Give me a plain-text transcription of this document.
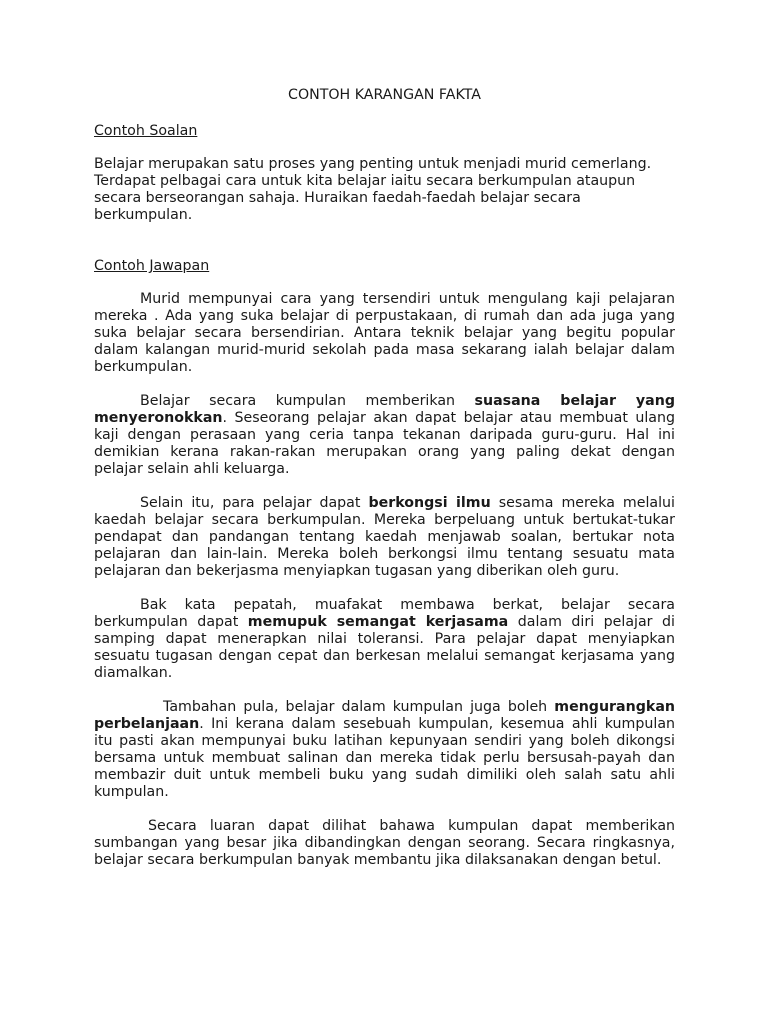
CONTOH KARANGAN FAKTA
Contoh Soalan

Belajar merupakan satu proses yang penting untuk menjadi murid cemerlang.

Terdapat pelbagai cara untuk kita belajar iaitu secara berkumpulan ataupun secara berseorangan sahaja. Huraikan faedah-faedah belajar secara berkumpulan.

Contoh Jawapan

Murid mempunyai cara yang tersendiri untuk mengulang kaji pelajaran mereka . Ada yang suka belajar di perpustakaan, di rumah dan ada juga yang suka belajar secara bersendirian. Antara teknik belajar yang begitu popular dalam kalangan murid-murid sekolah pada masa sekarang ialah belajar dalam berkumpulan.

Belajar secara kumpulan memberikan suasana belajar yang menyeronokkan. Seseorang pelajar akan dapat belajar atau membuat ulang kaji dengan perasaan yang ceria tanpa tekanan daripada guru-guru. Hal ini demikian kerana rakan-rakan merupakan orang yang paling dekat dengan pelajar selain ahli keluarga.

Selain itu, para pelajar dapat berkongsi ilmu sesama mereka melalui kaedah belajar secara berkumpulan. Mereka berpeluang untuk bertukat-tukar pendapat dan pandangan tentang kaedah menjawab soalan, bertukar nota pelajaran dan lain-lain. Mereka boleh berkongsi ilmu tentang sesuatu mata pelajaran dan bekerjasma menyiapkan tugasan yang diberikan oleh guru.

Bak kata pepatah, muafakat membawa berkat, belajar secara berkumpulan dapat memupuk semangat kerjasama dalam diri pelajar di samping dapat menerapkan nilai toleransi. Para pelajar dapat menyiapkan sesuatu tugasan dengan cepat dan berkesan melalui semangat kerjasama yang diamalkan.

Tambahan pula, belajar dalam kumpulan juga boleh mengurangkan perbelanjaan. Ini kerana dalam sesebuah kumpulan, kesemua ahli kumpulan itu pasti akan mempunyai buku latihan kepunyaan sendiri yang boleh dikongsi bersama untuk membuat salinan dan mereka tidak perlu bersusah-payah dan membazir duit untuk membeli buku yang sudah dimiliki oleh salah satu ahli kumpulan.

Secara luaran dapat dilihat bahawa kumpulan dapat memberikan sumbangan yang besar jika dibandingkan dengan seorang. Secara ringkasnya, belajar secara berkumpulan banyak membantu jika dilaksanakan dengan betul.
